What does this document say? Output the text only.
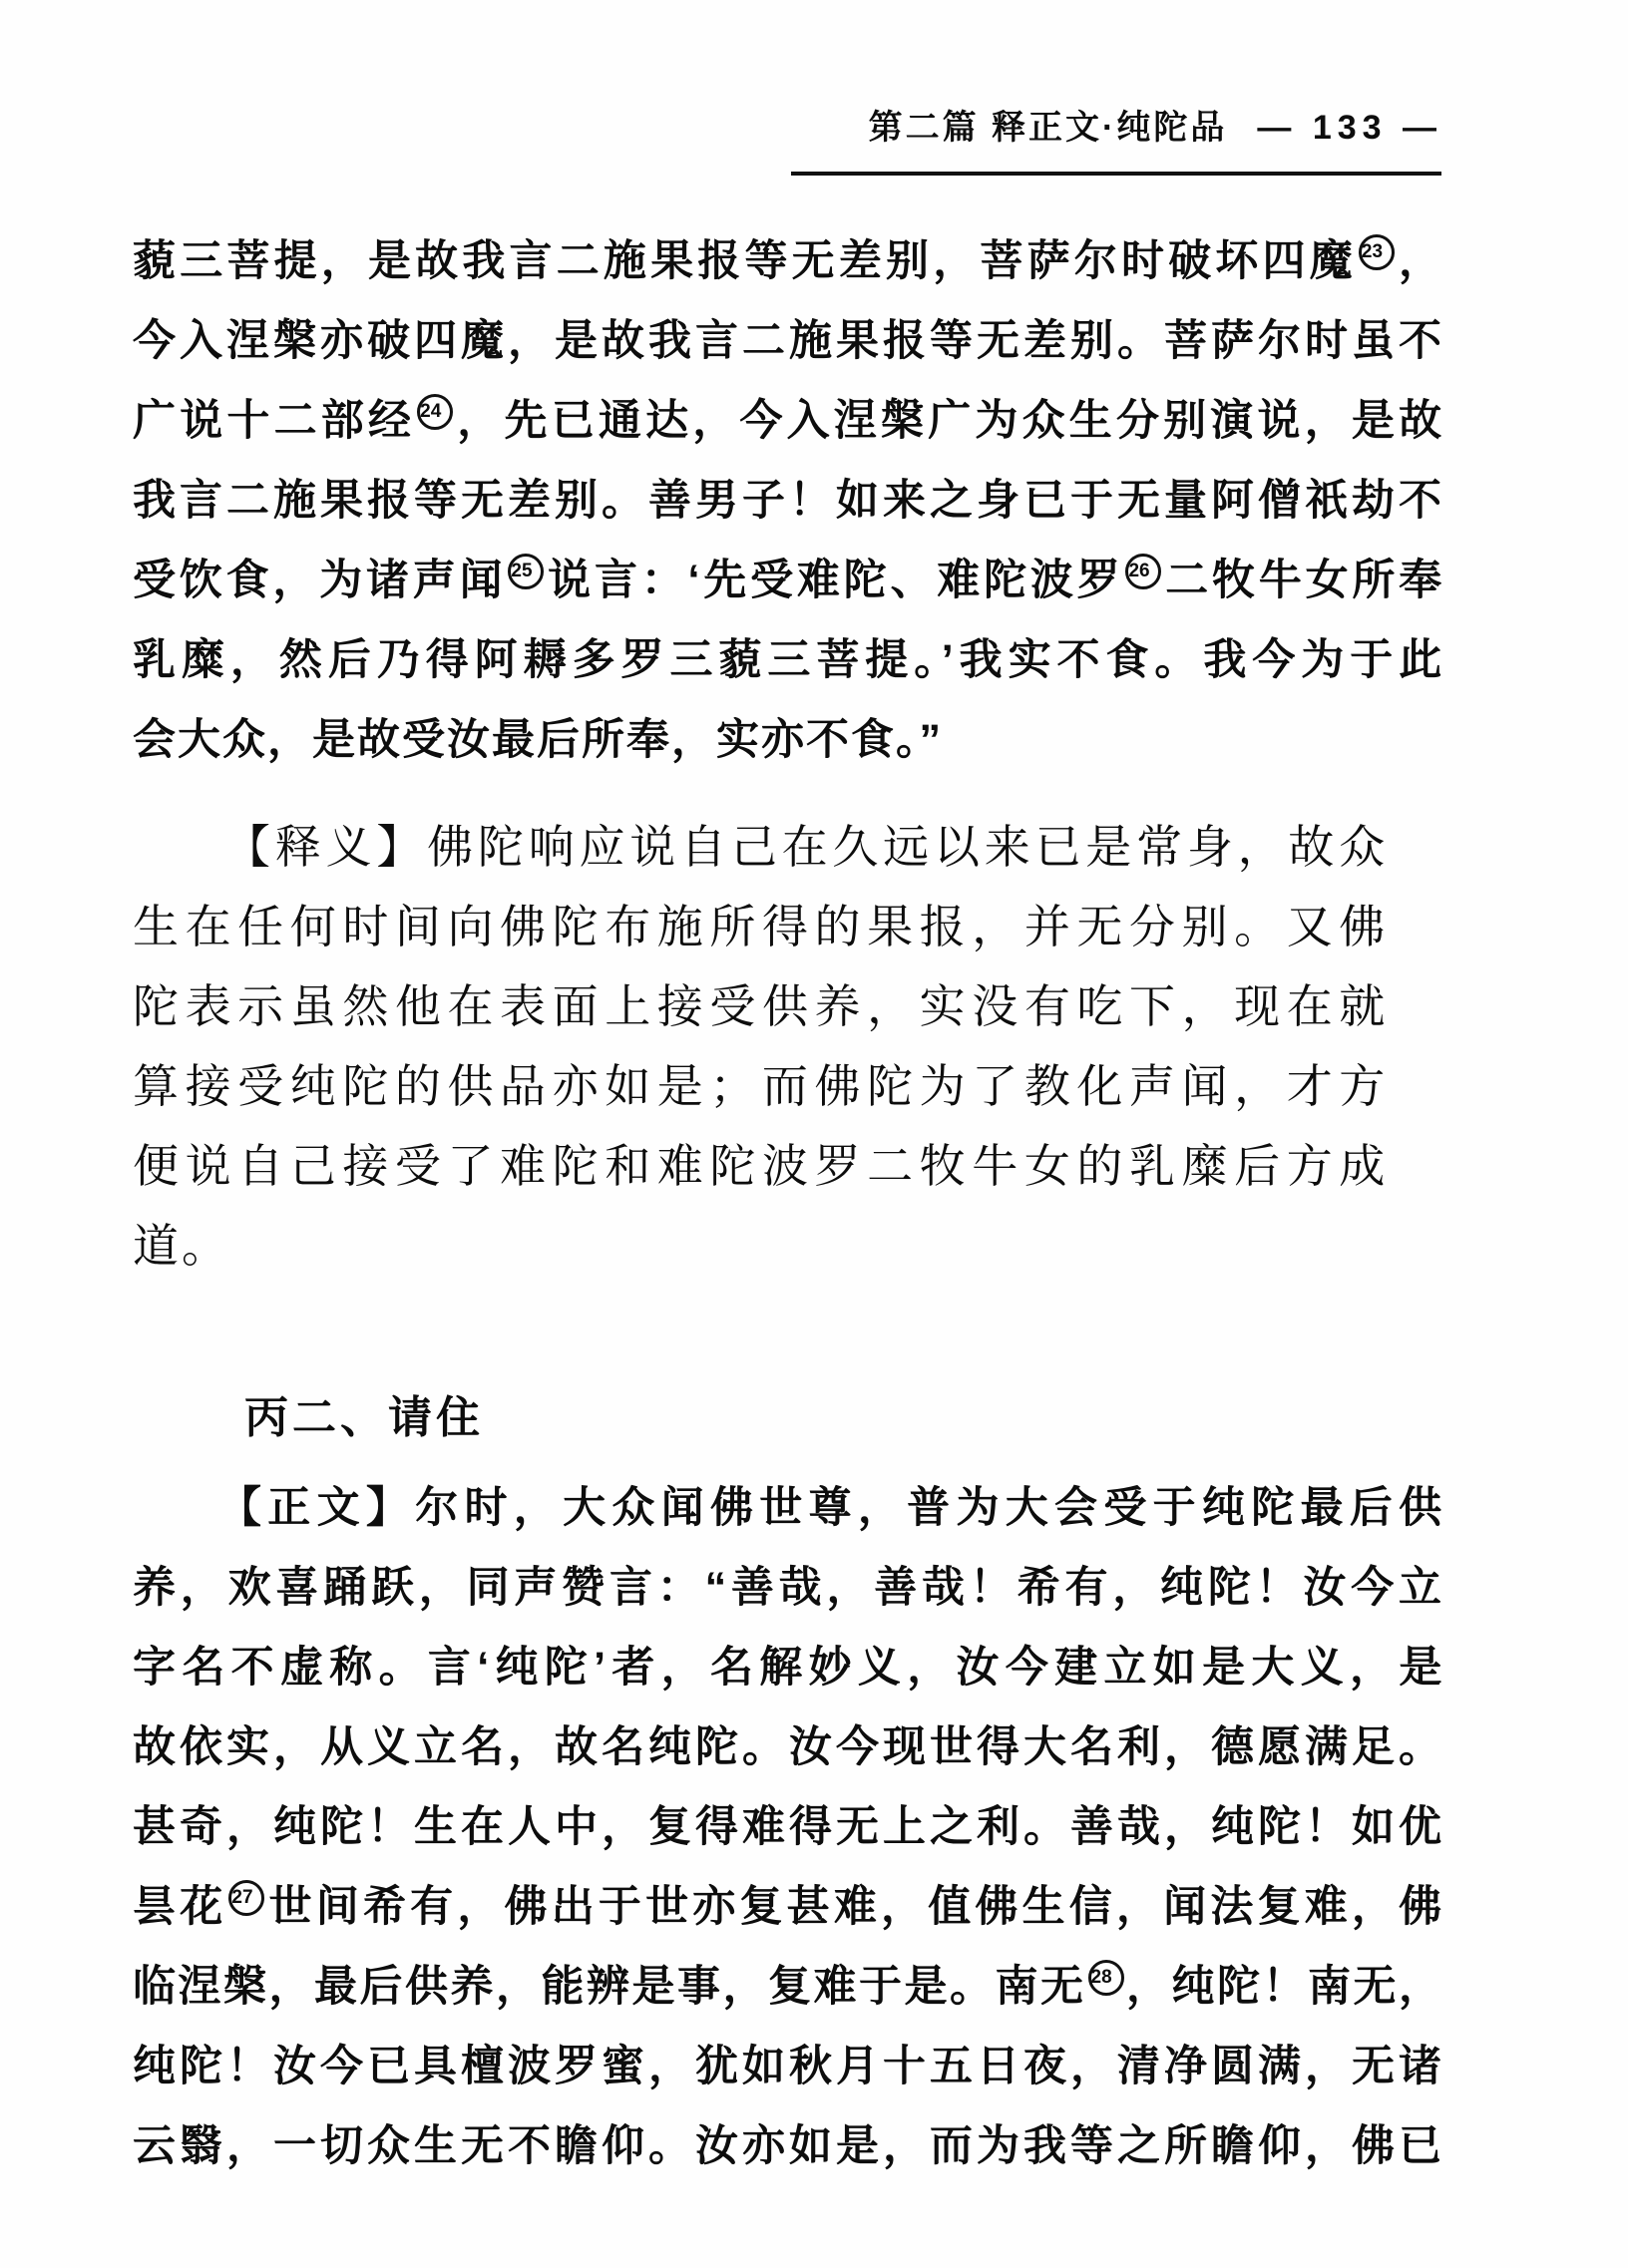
第二篇 释正文·纯陀品 — 133 —
藐三菩提，是故我言二施果报等无差别，菩萨尔时破坏四魔 23 ，
今入涅槃亦破四魔，是故我言二施果报等无差别。菩萨尔时虽不
广说十二部经 24 ，先已通达，今入涅槃广为众生分别演说，是故
我言二施果报等无差别。善男子！如来之身已于无量阿僧祇劫不
受饮食，为诸声闻 25 说言：‘先受难陀、难陀波罗 26 二牧牛女所奉
乳糜，然后乃得阿耨多罗三藐三菩提。’我实不食。我今为于此
会大众，是故受汝最后所奉，实亦不食。”
【释义】佛陀响应说自己在久远以来已是常身，故众
生在任何时间向佛陀布施所得的果报，并无分别。又佛
陀表示虽然他在表面上接受供养，实没有吃下，现在就
算接受纯陀的供品亦如是；而佛陀为了教化声闻，才方
便说自己接受了难陀和难陀波罗二牧牛女的乳糜后方成
道。
丙二、请住
【正文】尔时，大众闻佛世尊，普为大会受于纯陀最后供
养，欢喜踊跃，同声赞言：“善哉，善哉！希有，纯陀！汝今立
字名不虚称。言‘纯陀’者，名解妙义，汝今建立如是大义，是
故依实，从义立名，故名纯陀。汝今现世得大名利，德愿满足。
甚奇，纯陀！生在人中，复得难得无上之利。善哉，纯陀！如优
昙花 27 世间希有，佛出于世亦复甚难，值佛生信，闻法复难，佛
临涅槃，最后供养，能辨是事，复难于是。南无 28 ，纯陀！南无，
纯陀！汝今已具檀波罗蜜，犹如秋月十五日夜，清净圆满，无诸
云翳，一切众生无不瞻仰。汝亦如是，而为我等之所瞻仰，佛已
